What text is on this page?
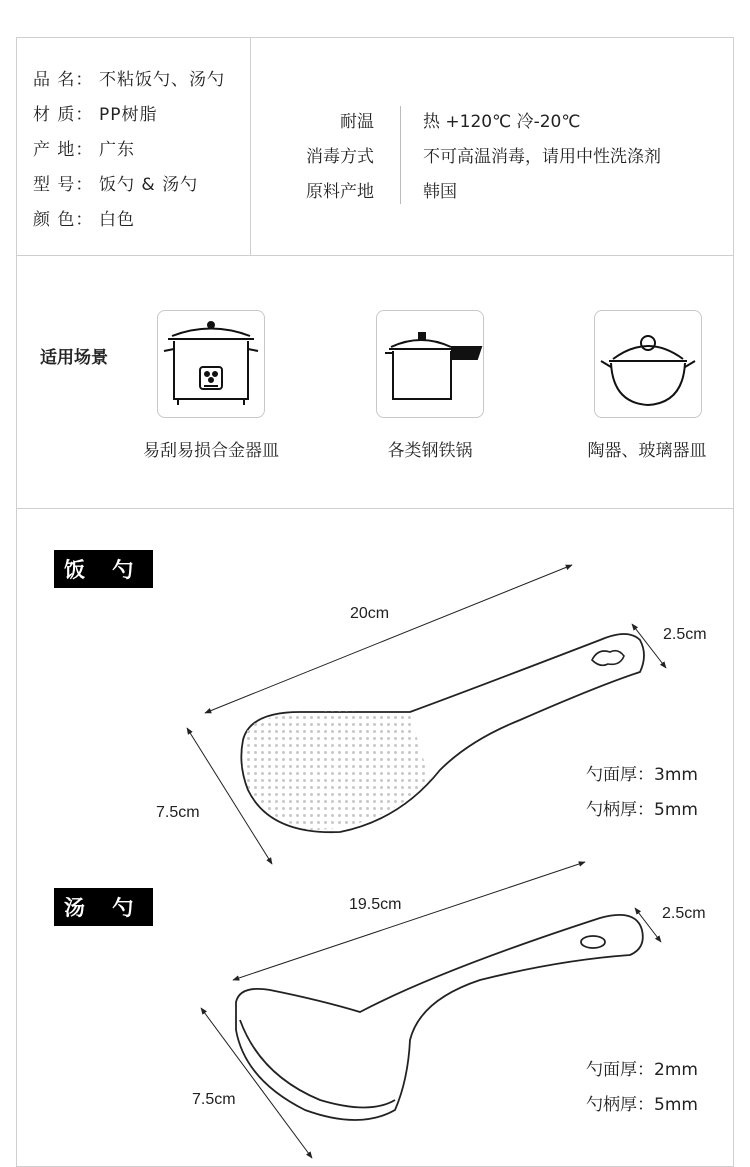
品 名： 不粘饭勺、汤勺
材 质： PP树脂
产 地： 广东
型 号： 饭勺 & 汤勺
颜 色： 白色
耐温	热 +120℃ 冷-20℃
消毒方式	不可高温消毒，请用中性洗涤剂
原料产地	韩国
适用场景
易刮易损合金器皿	各类钢铁锅	陶器、玻璃器皿
饭 勺
20cm
2.5cm
7.5cm
勺面厚：3mm
勺柄厚：5mm
汤 勺	19.5cm
2.5cm
7.5cm
勺面厚：2mm
勺柄厚：5mm
